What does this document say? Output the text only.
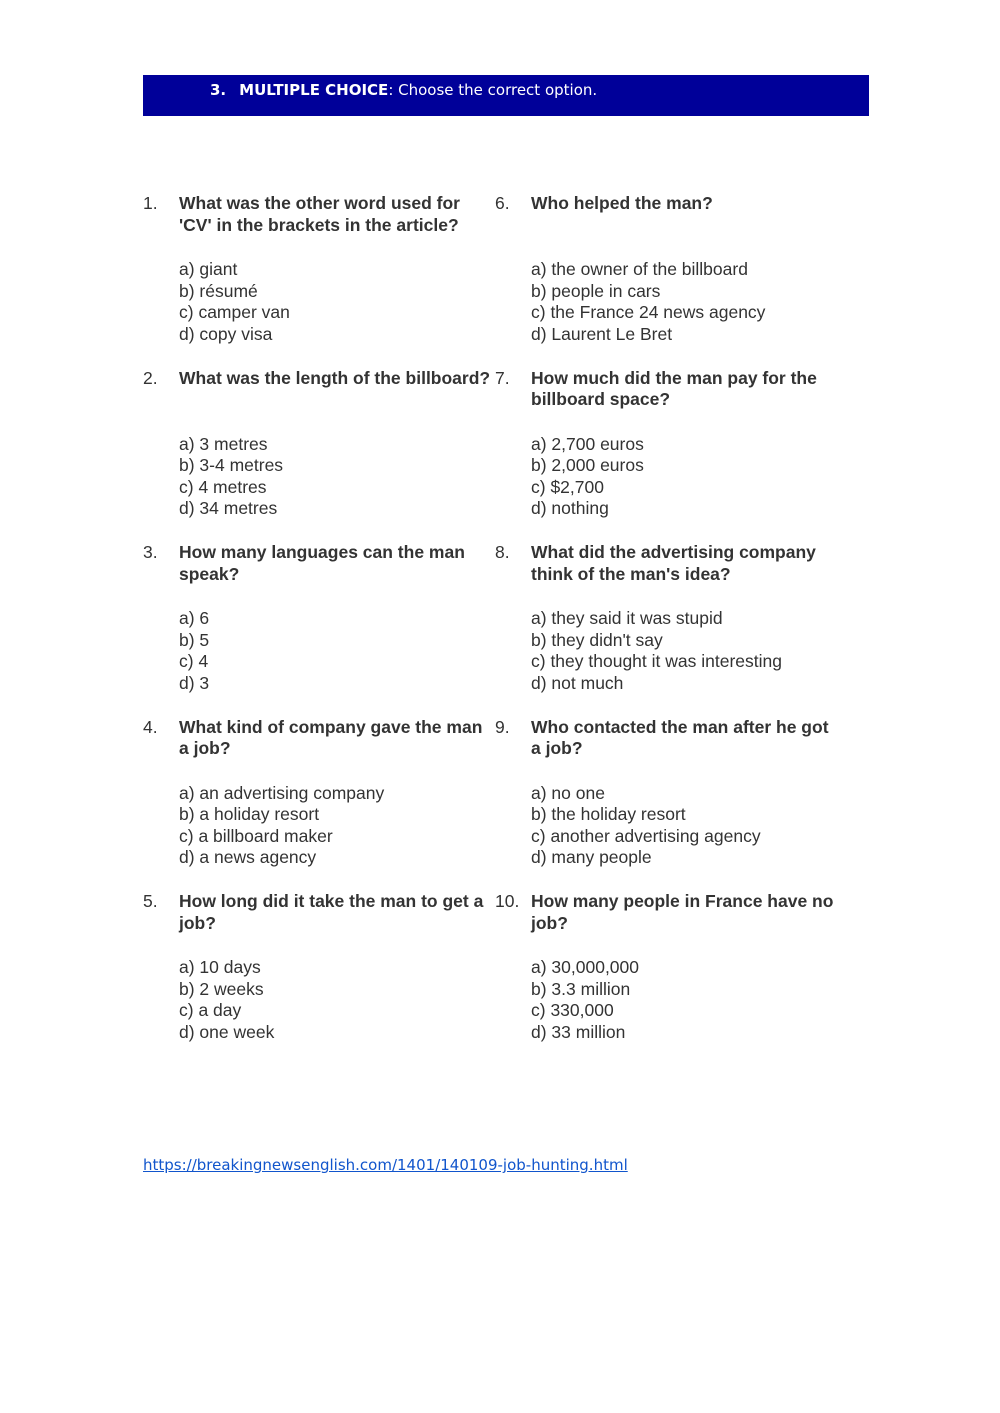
3. MULTIPLE CHOICE: Choose the correct option.
1. What was the other word used for 'CV' in the brackets in the article?
a) giant
b) résumé
c) camper van
d) copy visa
2. What was the length of the billboard?
a) 3 metres
b) 3-4 metres
c) 4 metres
d) 34 metres
3. How many languages can the man speak?
a) 6
b) 5
c) 4
d) 3
4. What kind of company gave the man a job?
a) an advertising company
b) a holiday resort
c) a billboard maker
d) a news agency
5. How long did it take the man to get a job?
a) 10 days
b) 2 weeks
c) a day
d) one week
6. Who helped the man?
a) the owner of the billboard
b) people in cars
c) the France 24 news agency
d) Laurent Le Bret
7. How much did the man pay for the billboard space?
a) 2,700 euros
b) 2,000 euros
c) $2,700
d) nothing
8. What did the advertising company think of the man's idea?
a) they said it was stupid
b) they didn't say
c) they thought it was interesting
d) not much
9. Who contacted the man after he got a job?
a) no one
b) the holiday resort
c) another advertising agency
d) many people
10. How many people in France have no job?
a) 30,000,000
b) 3.3 million
c) 330,000
d) 33 million
https://breakingnewsenglish.com/1401/140109-job-hunting.html
